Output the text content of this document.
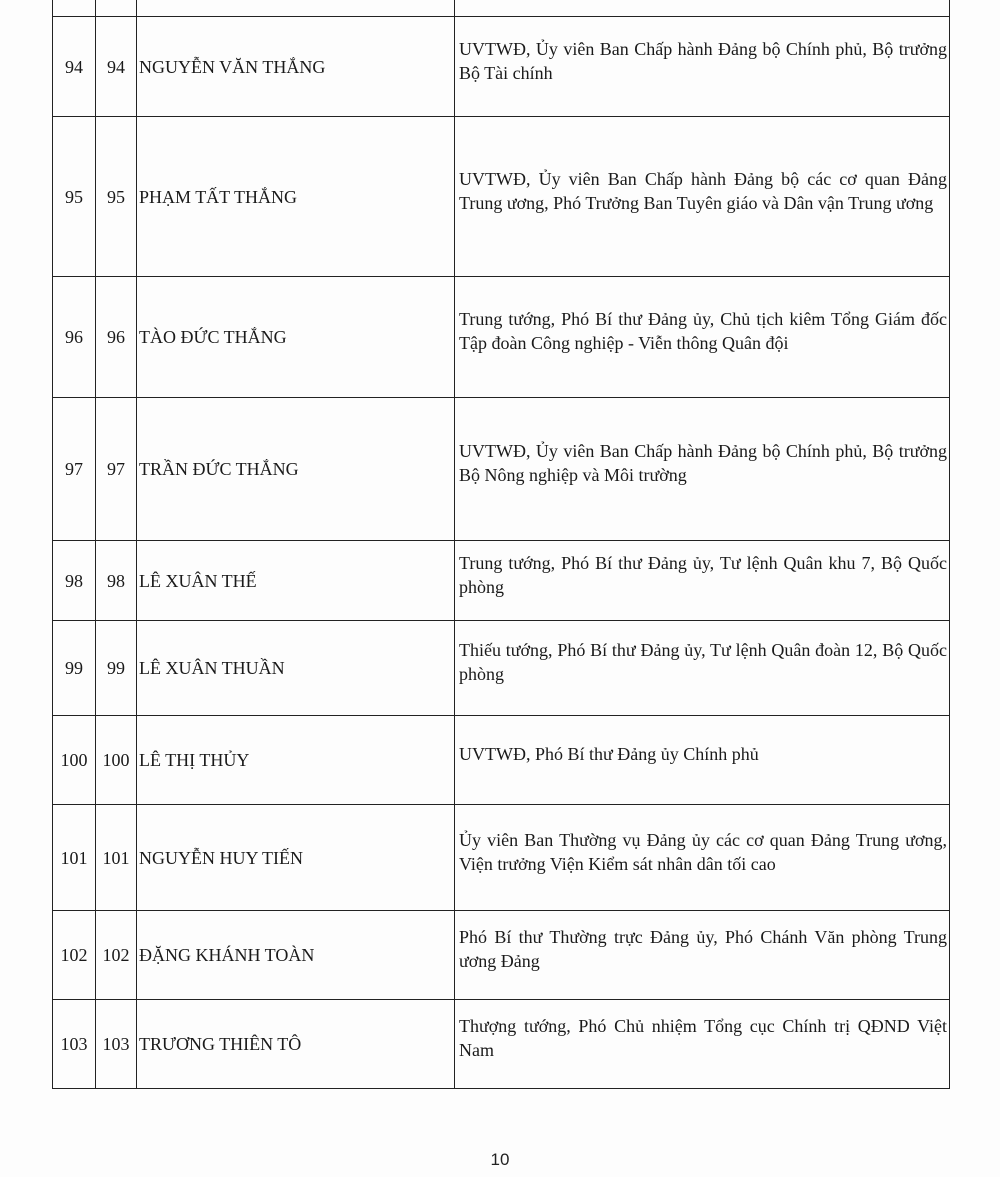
94	94	NGUYỄN VĂN THẮNG	UVTWĐ, Ủy viên Ban Chấp hành Đảng bộ Chính phủ, Bộ trưởng Bộ Tài chính

95	95	PHẠM TẤT THẮNG	UVTWĐ, Ủy viên Ban Chấp hành Đảng bộ các cơ quan Đảng Trung ương, Phó Trưởng Ban Tuyên giáo và Dân vận Trung ương

96	96	TÀO ĐỨC THẮNG	Trung tướng, Phó Bí thư Đảng ủy, Chủ tịch kiêm Tổng Giám đốc Tập đoàn Công nghiệp - Viễn thông Quân đội

97	97	TRẦN ĐỨC THẮNG	UVTWĐ, Ủy viên Ban Chấp hành Đảng bộ Chính phủ, Bộ trưởng Bộ Nông nghiệp và Môi trường

98	98	LÊ XUÂN THẾ	Trung tướng, Phó Bí thư Đảng ủy, Tư lệnh Quân khu 7, Bộ Quốc phòng

99	99	LÊ XUÂN THUẦN	Thiếu tướng, Phó Bí thư Đảng ủy, Tư lệnh Quân đoàn 12, Bộ Quốc phòng

100	100	LÊ THỊ THỦY	UVTWĐ, Phó Bí thư Đảng ủy Chính phủ

101	101	NGUYỄN HUY TIẾN	Ủy viên Ban Thường vụ Đảng ủy các cơ quan Đảng Trung ương, Viện trưởng Viện Kiểm sát nhân dân tối cao

102	102	ĐẶNG KHÁNH TOÀN	Phó Bí thư Thường trực Đảng ủy, Phó Chánh Văn phòng Trung ương Đảng

103	103	TRƯƠNG THIÊN TÔ	Thượng tướng, Phó Chủ nhiệm Tổng cục Chính trị QĐND Việt Nam
10
